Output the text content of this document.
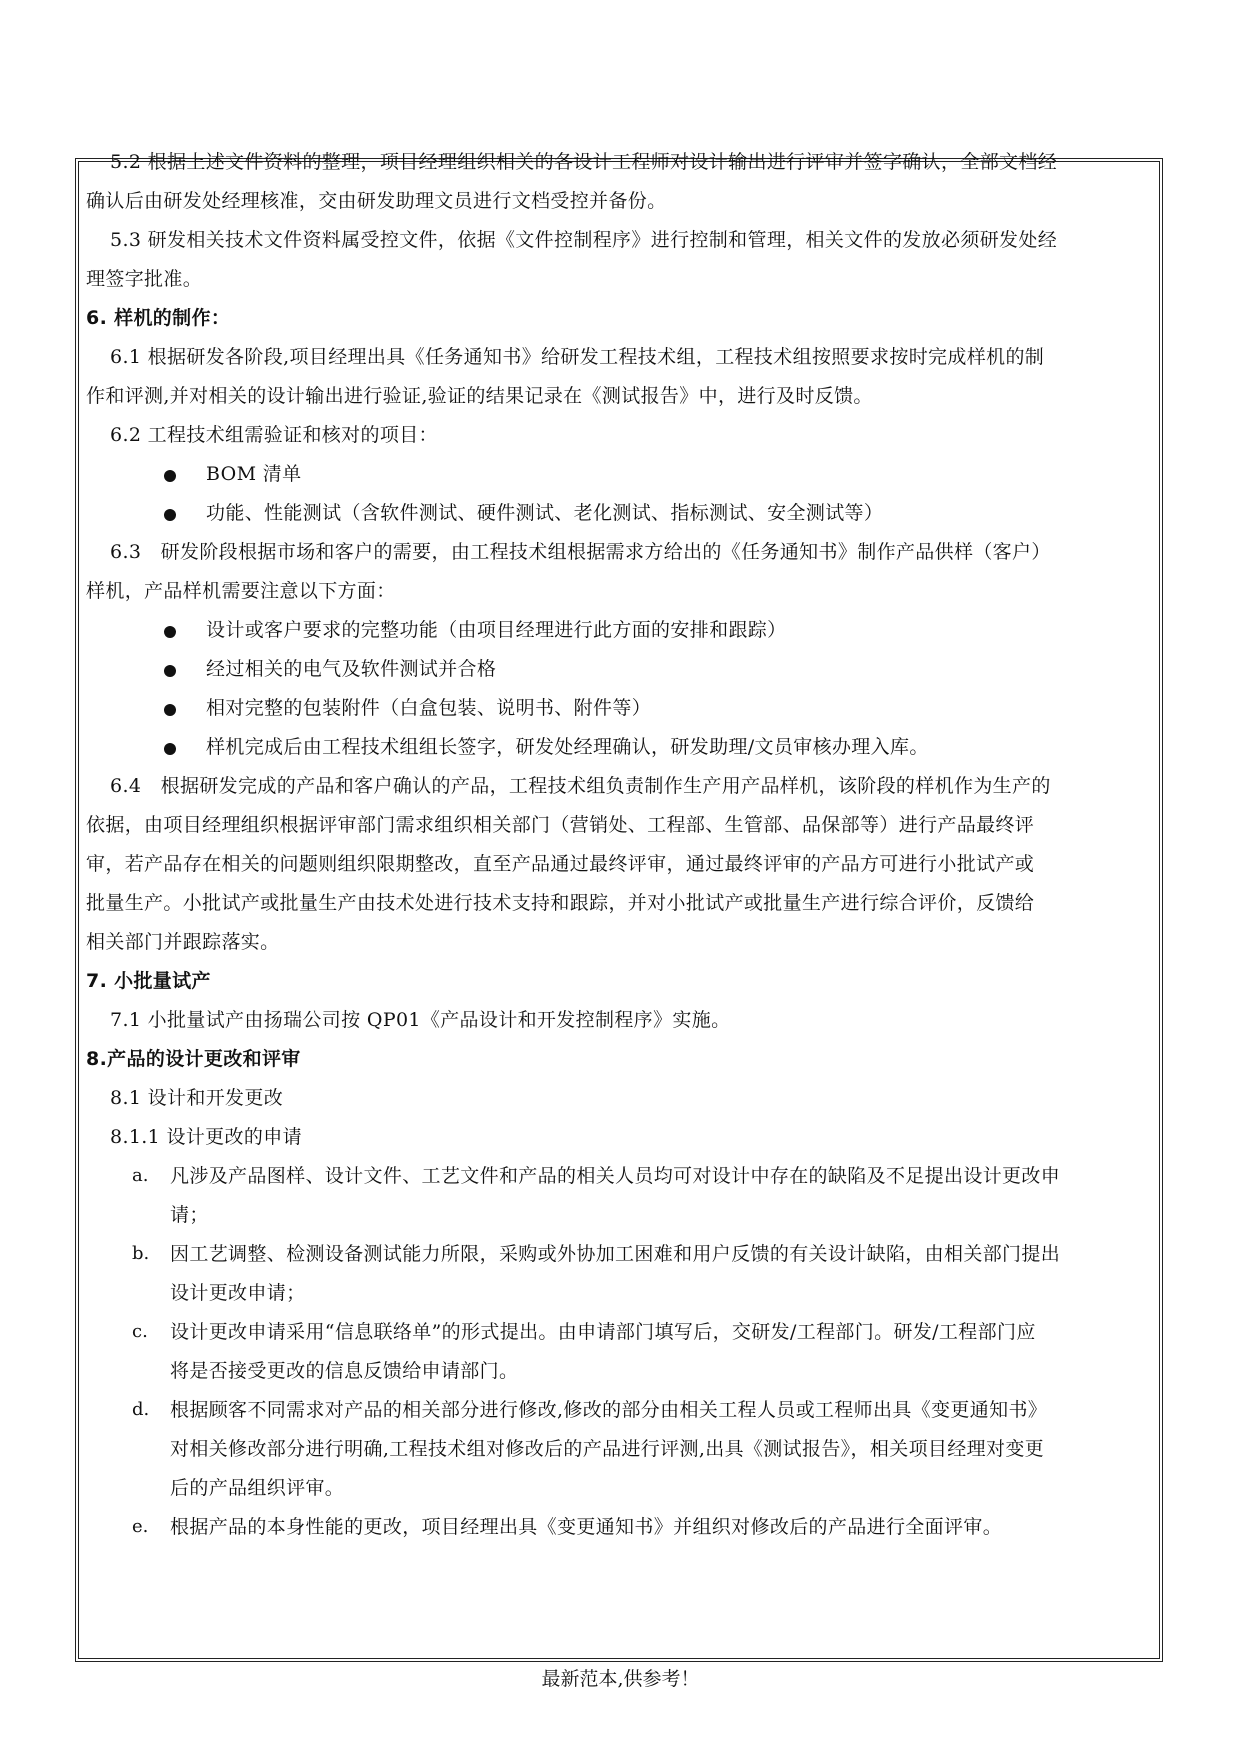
5.2 根据上述文件资料的整理，项目经理组织相关的各设计工程师对设计输出进行评审并签字确认，全部文档经
确认后由研发处经理核准，交由研发助理文员进行文档受控并备份。
5.3 研发相关技术文件资料属受控文件，依据《文件控制程序》进行控制和管理，相关文件的发放必须研发处经
理签字批准。
6. 样机的制作：
6.1 根据研发各阶段,项目经理出具《任务通知书》给研发工程技术组，工程技术组按照要求按时完成样机的制
作和评测,并对相关的设计输出进行验证,验证的结果记录在《测试报告》中，进行及时反馈。
6.2 工程技术组需验证和核对的项目：
BOM 清单
功能、性能测试（含软件测试、硬件测试、老化测试、指标测试、安全测试等）
6.3　研发阶段根据市场和客户的需要，由工程技术组根据需求方给出的《任务通知书》制作产品供样（客户）
样机，产品样机需要注意以下方面：
设计或客户要求的完整功能（由项目经理进行此方面的安排和跟踪）
经过相关的电气及软件测试并合格
相对完整的包装附件（白盒包装、说明书、附件等）
样机完成后由工程技术组组长签字，研发处经理确认，研发助理/文员审核办理入库。
6.4　根据研发完成的产品和客户确认的产品，工程技术组负责制作生产用产品样机，该阶段的样机作为生产的
依据，由项目经理组织根据评审部门需求组织相关部门（营销处、工程部、生管部、品保部等）进行产品最终评
审，若产品存在相关的问题则组织限期整改，直至产品通过最终评审，通过最终评审的产品方可进行小批试产或
批量生产。小批试产或批量生产由技术处进行技术支持和跟踪，并对小批试产或批量生产进行综合评价，反馈给
相关部门并跟踪落实。
7. 小批量试产
7.1 小批量试产由扬瑞公司按 QP01《产品设计和开发控制程序》实施。
8.产品的设计更改和评审
8.1 设计和开发更改
8.1.1 设计更改的申请
a. 凡涉及产品图样、设计文件、工艺文件和产品的相关人员均可对设计中存在的缺陷及不足提出设计更改申
请；
b. 因工艺调整、检测设备测试能力所限，采购或外协加工困难和用户反馈的有关设计缺陷，由相关部门提出
设计更改申请；
c. 设计更改申请采用“信息联络单”的形式提出。由申请部门填写后，交研发/工程部门。研发/工程部门应
将是否接受更改的信息反馈给申请部门。
d. 根据顾客不同需求对产品的相关部分进行修改,修改的部分由相关工程人员或工程师出具《变更通知书》
对相关修改部分进行明确,工程技术组对修改后的产品进行评测,出具《测试报告》，相关项目经理对变更
后的产品组织评审。
e. 根据产品的本身性能的更改，项目经理出具《变更通知书》并组织对修改后的产品进行全面评审。
最新范本,供参考！
